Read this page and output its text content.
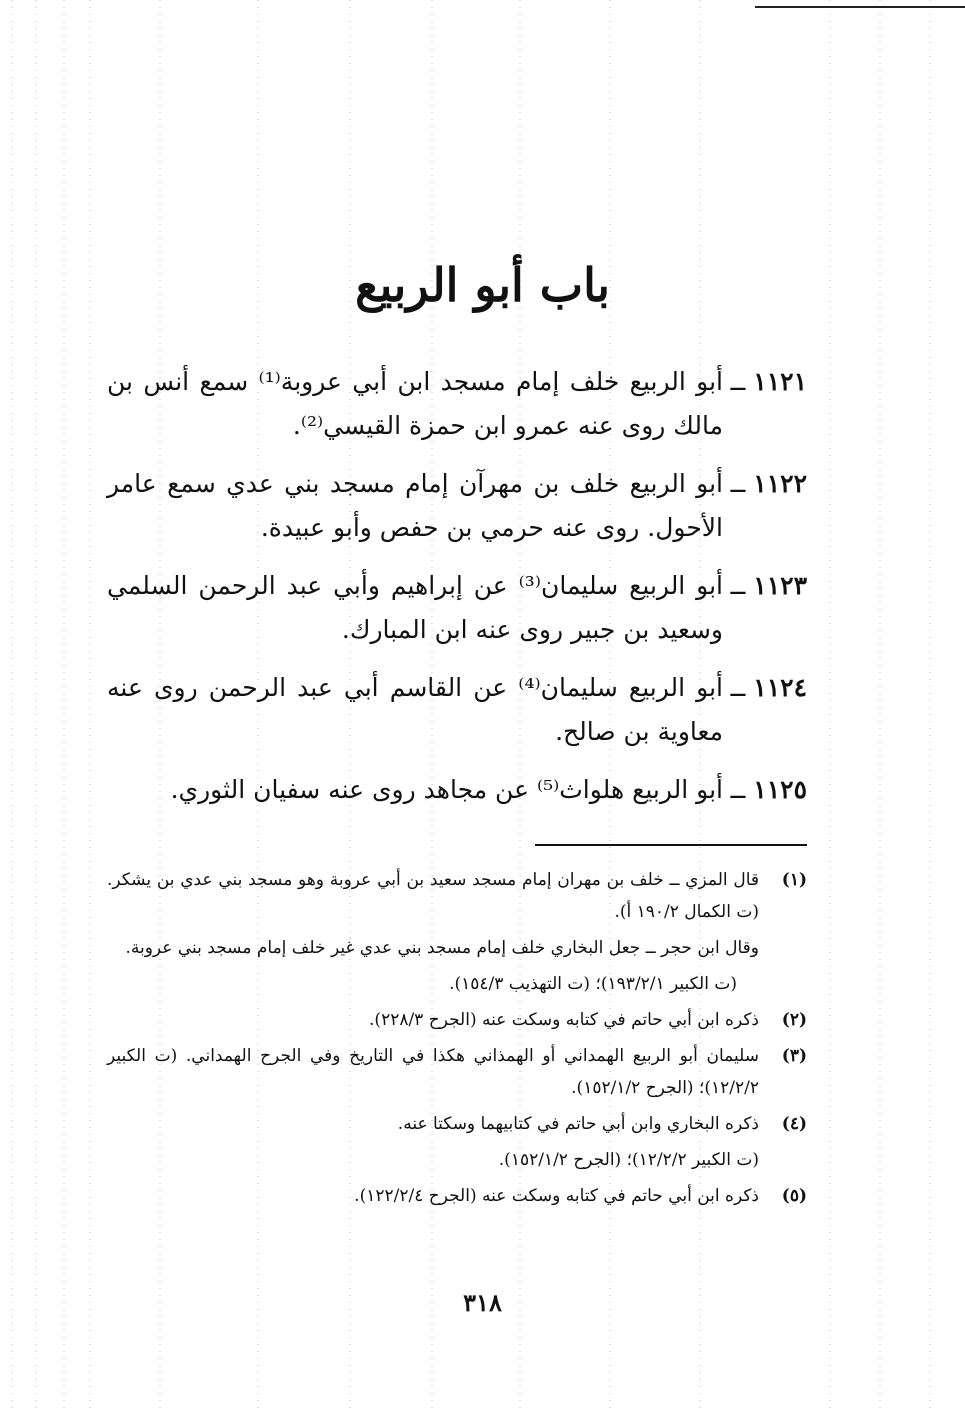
باب أبو الربيع
١١٢١
ــ
أبو الربيع خلف إمام مسجد ابن أبي عروبة⁽¹⁾ سمع أنس بن مالك روى عنه عمرو ابن حمزة القيسي⁽²⁾.
١١٢٢
ــ
أبو الربيع خلف بن مهرآن إمام مسجد بني عدي سمع عامر الأحول. روى عنه حرمي بن حفص وأبو عبيدة.
١١٢٣
ــ
أبو الربيع سليمان⁽³⁾ عن إبراهيم وأبي عبد الرحمن السلمي وسعيد بن جبير روى عنه ابن المبارك.
١١٢٤
ــ
أبو الربيع سليمان⁽⁴⁾ عن القاسم أبي عبد الرحمن روى عنه معاوية بن صالح.
١١٢٥
ــ
أبو الربيع هلواث⁽⁵⁾ عن مجاهد روى عنه سفيان الثوري.
(١)

قال المزي ــ خلف بن مهران إمام مسجد سعيد بن أبي عروبة وهو مسجد بني عدي بن يشكر. (ت الكمال ١٩٠/٢ أ).

وقال ابن حجر ــ جعل البخاري خلف إمام مسجد بني عدي غير خلف إمام مسجد بني عروبة.

(ت الكبير ١٩٣/٢/١)؛ (ت التهذيب ١٥٤/٣).

(٢)

ذكره ابن أبي حاتم في كتابه وسكت عنه (الجرح ٢٢٨/٣).

(٣)

سليمان أبو الربيع الهمداني أو الهمذاني هكذا في التاريخ وفي الجرح الهمداني. (ت الكبير ١٢/٢/٢)؛ (الجرح ١٥٢/١/٢).

(٤)

ذكره البخاري وابن أبي حاتم في كتابيهما وسكتا عنه.

(ت الكبير ١٢/٢/٢)؛ (الجرح ١٥٢/١/٢).

(٥)

ذكره ابن أبي حاتم في كتابه وسكت عنه (الجرح ١٢٢/٢/٤).

٣١٨
